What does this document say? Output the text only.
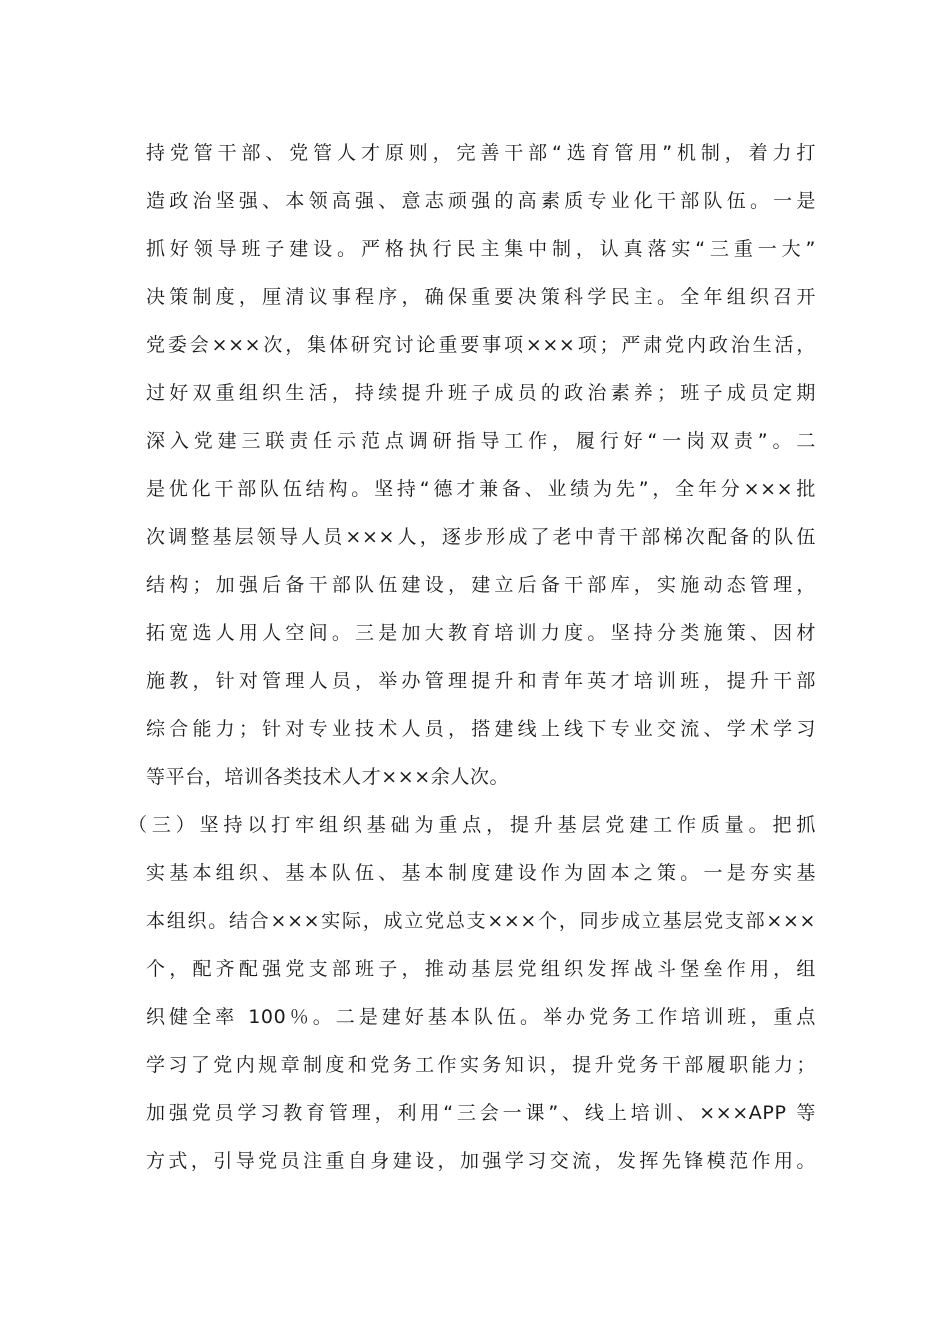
持党管干部、党管人才原则，完善干部“选育管用”机制，着力打
造政治坚强、本领高强、意志顽强的高素质专业化干部队伍。一是
抓好领导班子建设。严格执行民主集中制，认真落实“三重一大”
决策制度，厘清议事程序，确保重要决策科学民主。全年组织召开
党委会×××次，集体研究讨论重要事项×××项；严肃党内政治生活，
过好双重组织生活，持续提升班子成员的政治素养；班子成员定期
深入党建三联责任示范点调研指导工作，履行好“一岗双责”。二
是优化干部队伍结构。坚持“德才兼备、业绩为先”，全年分×××批
次调整基层领导人员×××人，逐步形成了老中青干部梯次配备的队伍
结构；加强后备干部队伍建设，建立后备干部库，实施动态管理，
拓宽选人用人空间。三是加大教育培训力度。坚持分类施策、因材
施教，针对管理人员，举办管理提升和青年英才培训班，提升干部
综合能力；针对专业技术人员，搭建线上线下专业交流、学术学习
等平台，培训各类技术人才×××余人次。
（三）坚持以打牢组织基础为重点，提升基层党建工作质量。把抓
实基本组织、基本队伍、基本制度建设作为固本之策。一是夯实基
本组织。结合×××实际，成立党总支×××个，同步成立基层党支部×××
个，配齐配强党支部班子，推动基层党组织发挥战斗堡垒作用，组
织健全率 100％。二是建好基本队伍。举办党务工作培训班，重点
学习了党内规章制度和党务工作实务知识，提升党务干部履职能力；
加强党员学习教育管理，利用“三会一课”、线上培训、×××APP 等
方式，引导党员注重自身建设，加强学习交流，发挥先锋模范作用。
